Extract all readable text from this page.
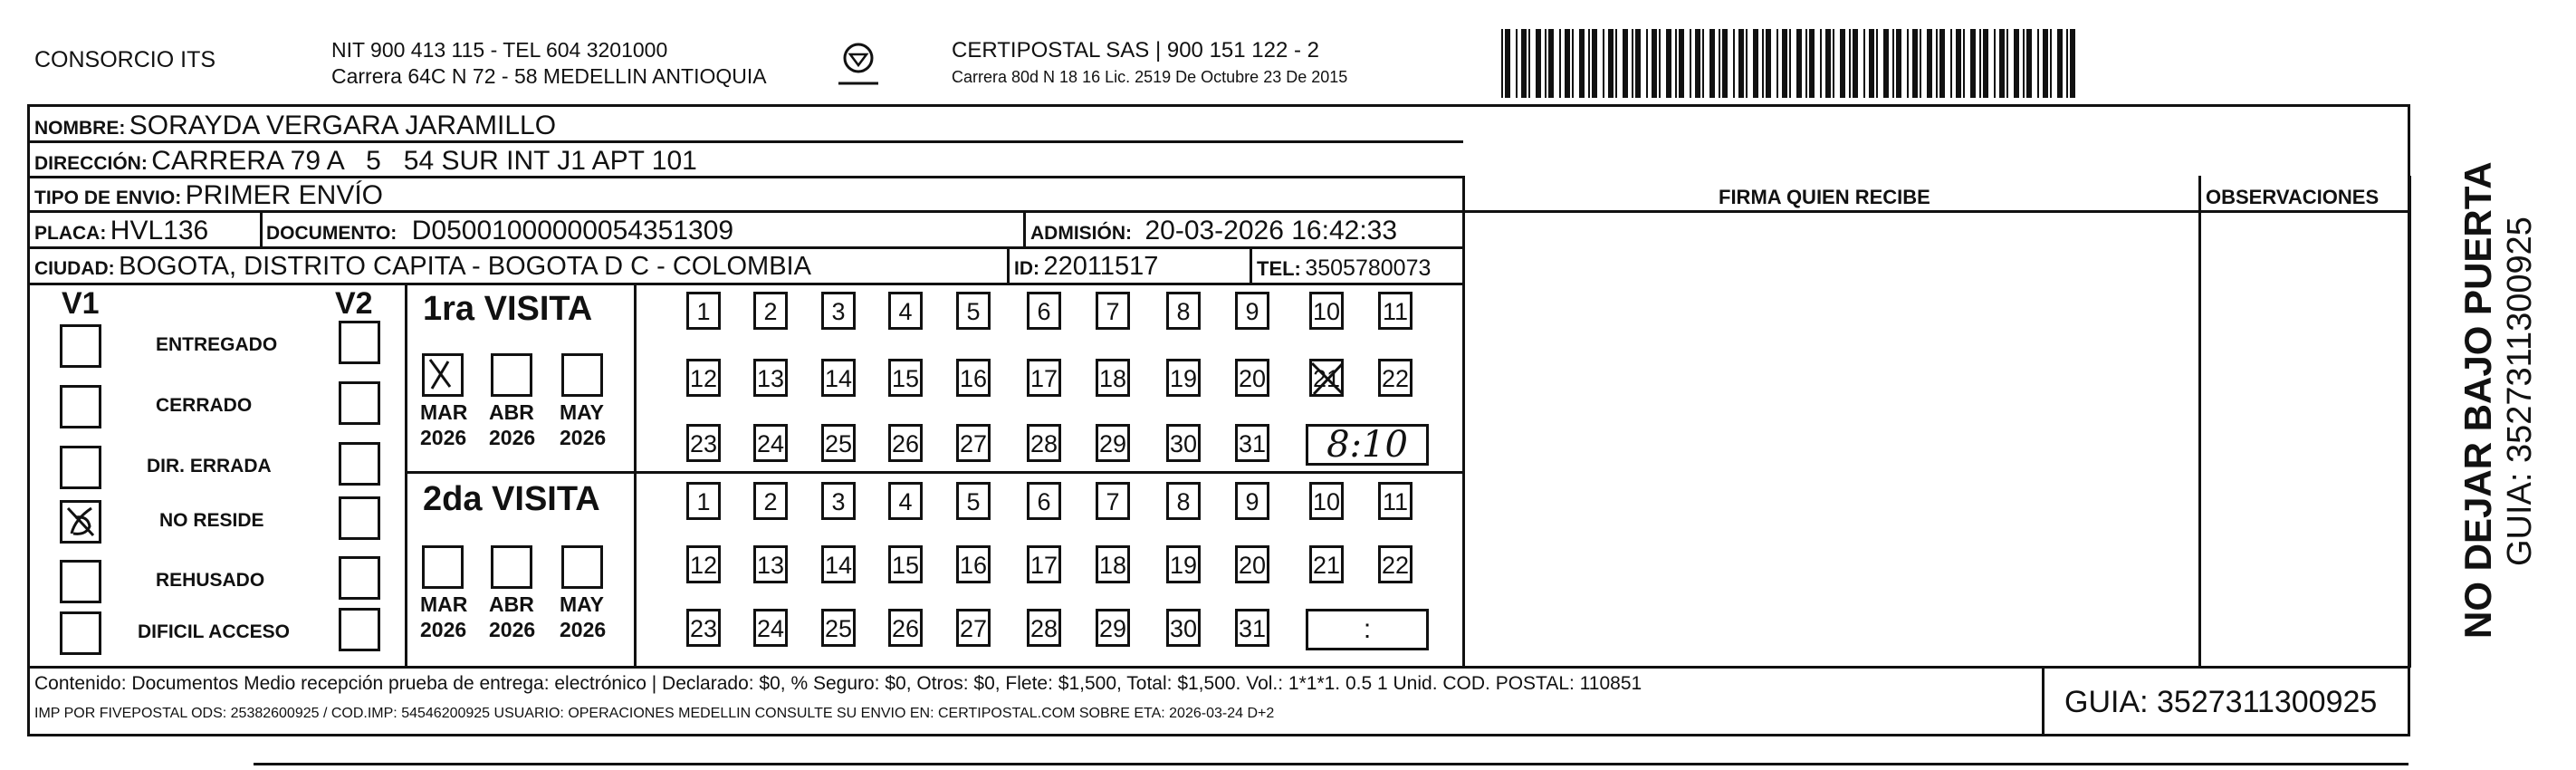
CONSORCIO ITS	NIT 900 413 115 - TEL 604 3201000
Carrera 64C N 72 - 58 MEDELLIN ANTIOQUIA
CERTIPOSTAL SAS | 900 151 122 - 2
Carrera 80d N 18 16 Lic. 2519 De Octubre 23 De 2015
NOMBRE: SORAYDA VERGARA JARAMILLO
DIRECCIÓN: CARRERA 79 A   5   54 SUR INT J1 APT 101
TIPO DE ENVIO: PRIMER ENVÍO	FIRMA QUIEN RECIBE	OBSERVACIONES
PLACA: HVL136	DOCUMENTO: D05001000000054351309	ADMISIÓN: 20-03-2026 16:42:33
CIUDAD: BOGOTA, DISTRITO CAPITA - BOGOTA D C - COLOMBIA	ID: 22011517	TEL: 3505780073
V1	V2
ENTREGADO
CERRADO
DIR. ERRADA
NO RESIDE
REHUSADO
DIFICIL ACCESO
1ra VISITA
2da VISITA
MAR
2026
ABR
2026
MAY
2026
MAR
2026
ABR
2026
MAY
2026
1	2	3	4	5	6	7	8	9	10 11
12 13 14 15 16 17 18 19 20 21 22
23 24 25 26 27 28 29 30 31	8:10
1	2	3	4	5	6	7	8	9	10 11
12 13 14 15 16 17 18 19 20 21 22
23 24 25 26 27 28 29 30 31	:
Contenido: Documentos Medio recepción prueba de entrega: electrónico | Declarado: $0, % Seguro: $0, Otros: $0, Flete: $1,500, Total: $1,500. Vol.: 1*1*1. 0.5 1 Unid. COD. POSTAL: 110851
IMP POR FIVEPOSTAL ODS: 25382600925 / COD.IMP: 54546200925 USUARIO: OPERACIONES MEDELLIN CONSULTE SU ENVIO EN: CERTIPOSTAL.COM SOBRE ETA: 2026-03-24 D+2	GUIA: 3527311300925
NO DEJAR BAJO PUERTA GUIA: 3527311300925
